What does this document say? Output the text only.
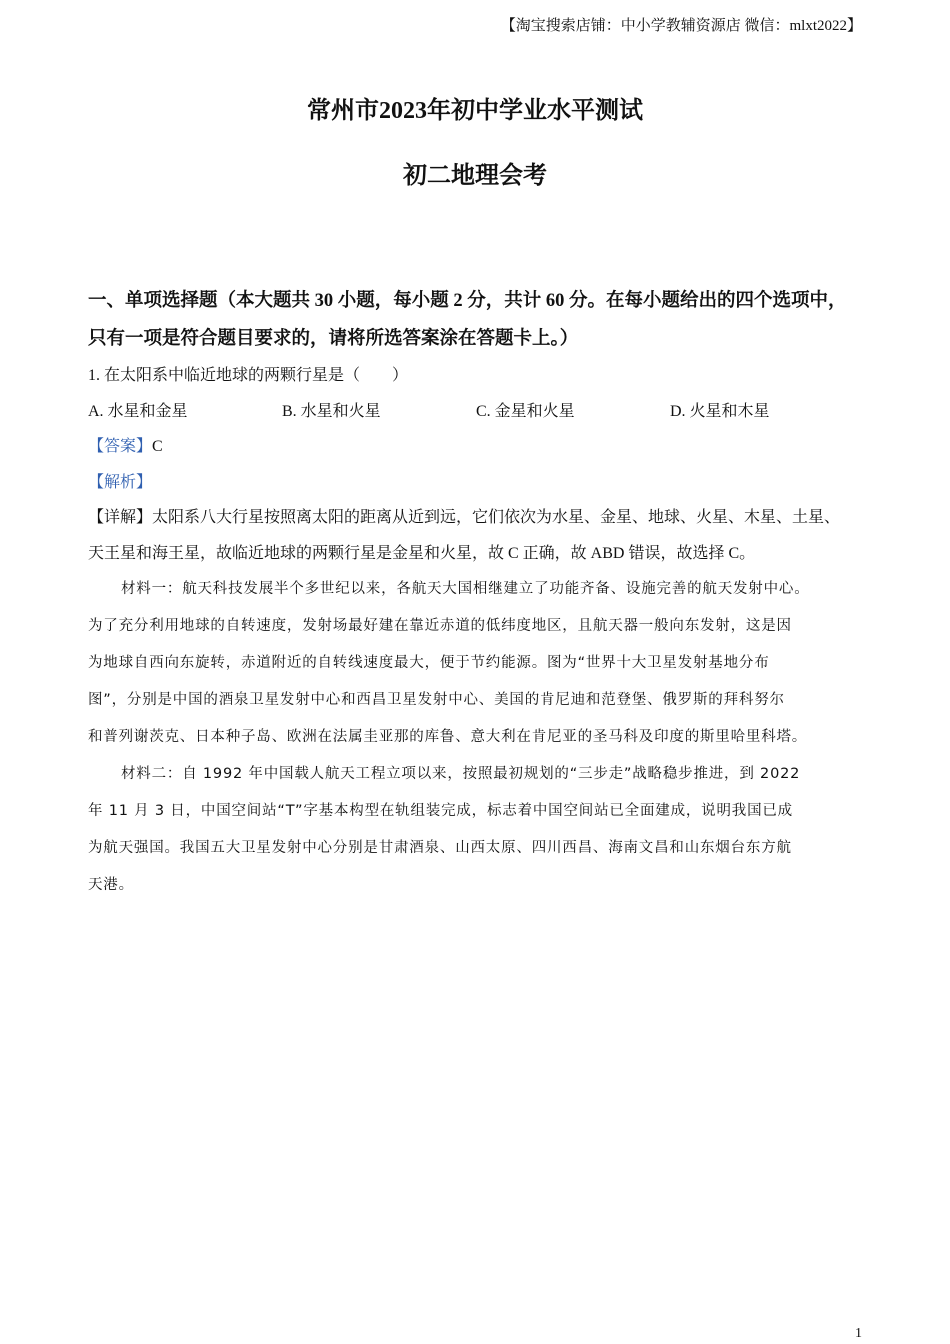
【淘宝搜索店铺：中小学教辅资源店 微信：mlxt2022】
常州市2023年初中学业水平测试
初二地理会考

一、单项选择题（本大题共 30 小题，每小题 2 分，共计 60 分。在每小题给出的四个选项中，

只有一项是符合题目要求的，请将所选答案涂在答题卡上。）

1. 在太阳系中临近地球的两颗行星是（　　）

A. 水星和金星	B. 水星和火星	C. 金星和火星	D. 火星和木星

【答案】C

【解析】

【详解】太阳系八大行星按照离太阳的距离从近到远，它们依次为水星、金星、地球、火星、木星、土星、

天王星和海王星，故临近地球的两颗行星是金星和火星，故 C 正确，故 ABD 错误，故选择 C。

材料一：航天科技发展半个多世纪以来，各航天大国相继建立了功能齐备、设施完善的航天发射中心。

为了充分利用地球的自转速度，发射场最好建在靠近赤道的低纬度地区，且航天器一般向东发射，这是因

为地球自西向东旋转，赤道附近的自转线速度最大，便于节约能源。图为“世界十大卫星发射基地分布

图”，分别是中国的酒泉卫星发射中心和西昌卫星发射中心、美国的肯尼迪和范登堡、俄罗斯的拜科努尔

和普列谢茨克、日本种子岛、欧洲在法属圭亚那的库鲁、意大利在肯尼亚的圣马科及印度的斯里哈里科塔。

材料二：自 1992 年中国载人航天工程立项以来，按照最初规划的“三步走”战略稳步推进，到 2022

年 11 月 3 日，中国空间站“T”字基本构型在轨组装完成，标志着中国空间站已全面建成，说明我国已成

为航天强国。我国五大卫星发射中心分别是甘肃酒泉、山西太原、四川西昌、海南文昌和山东烟台东方航

天港。

1
